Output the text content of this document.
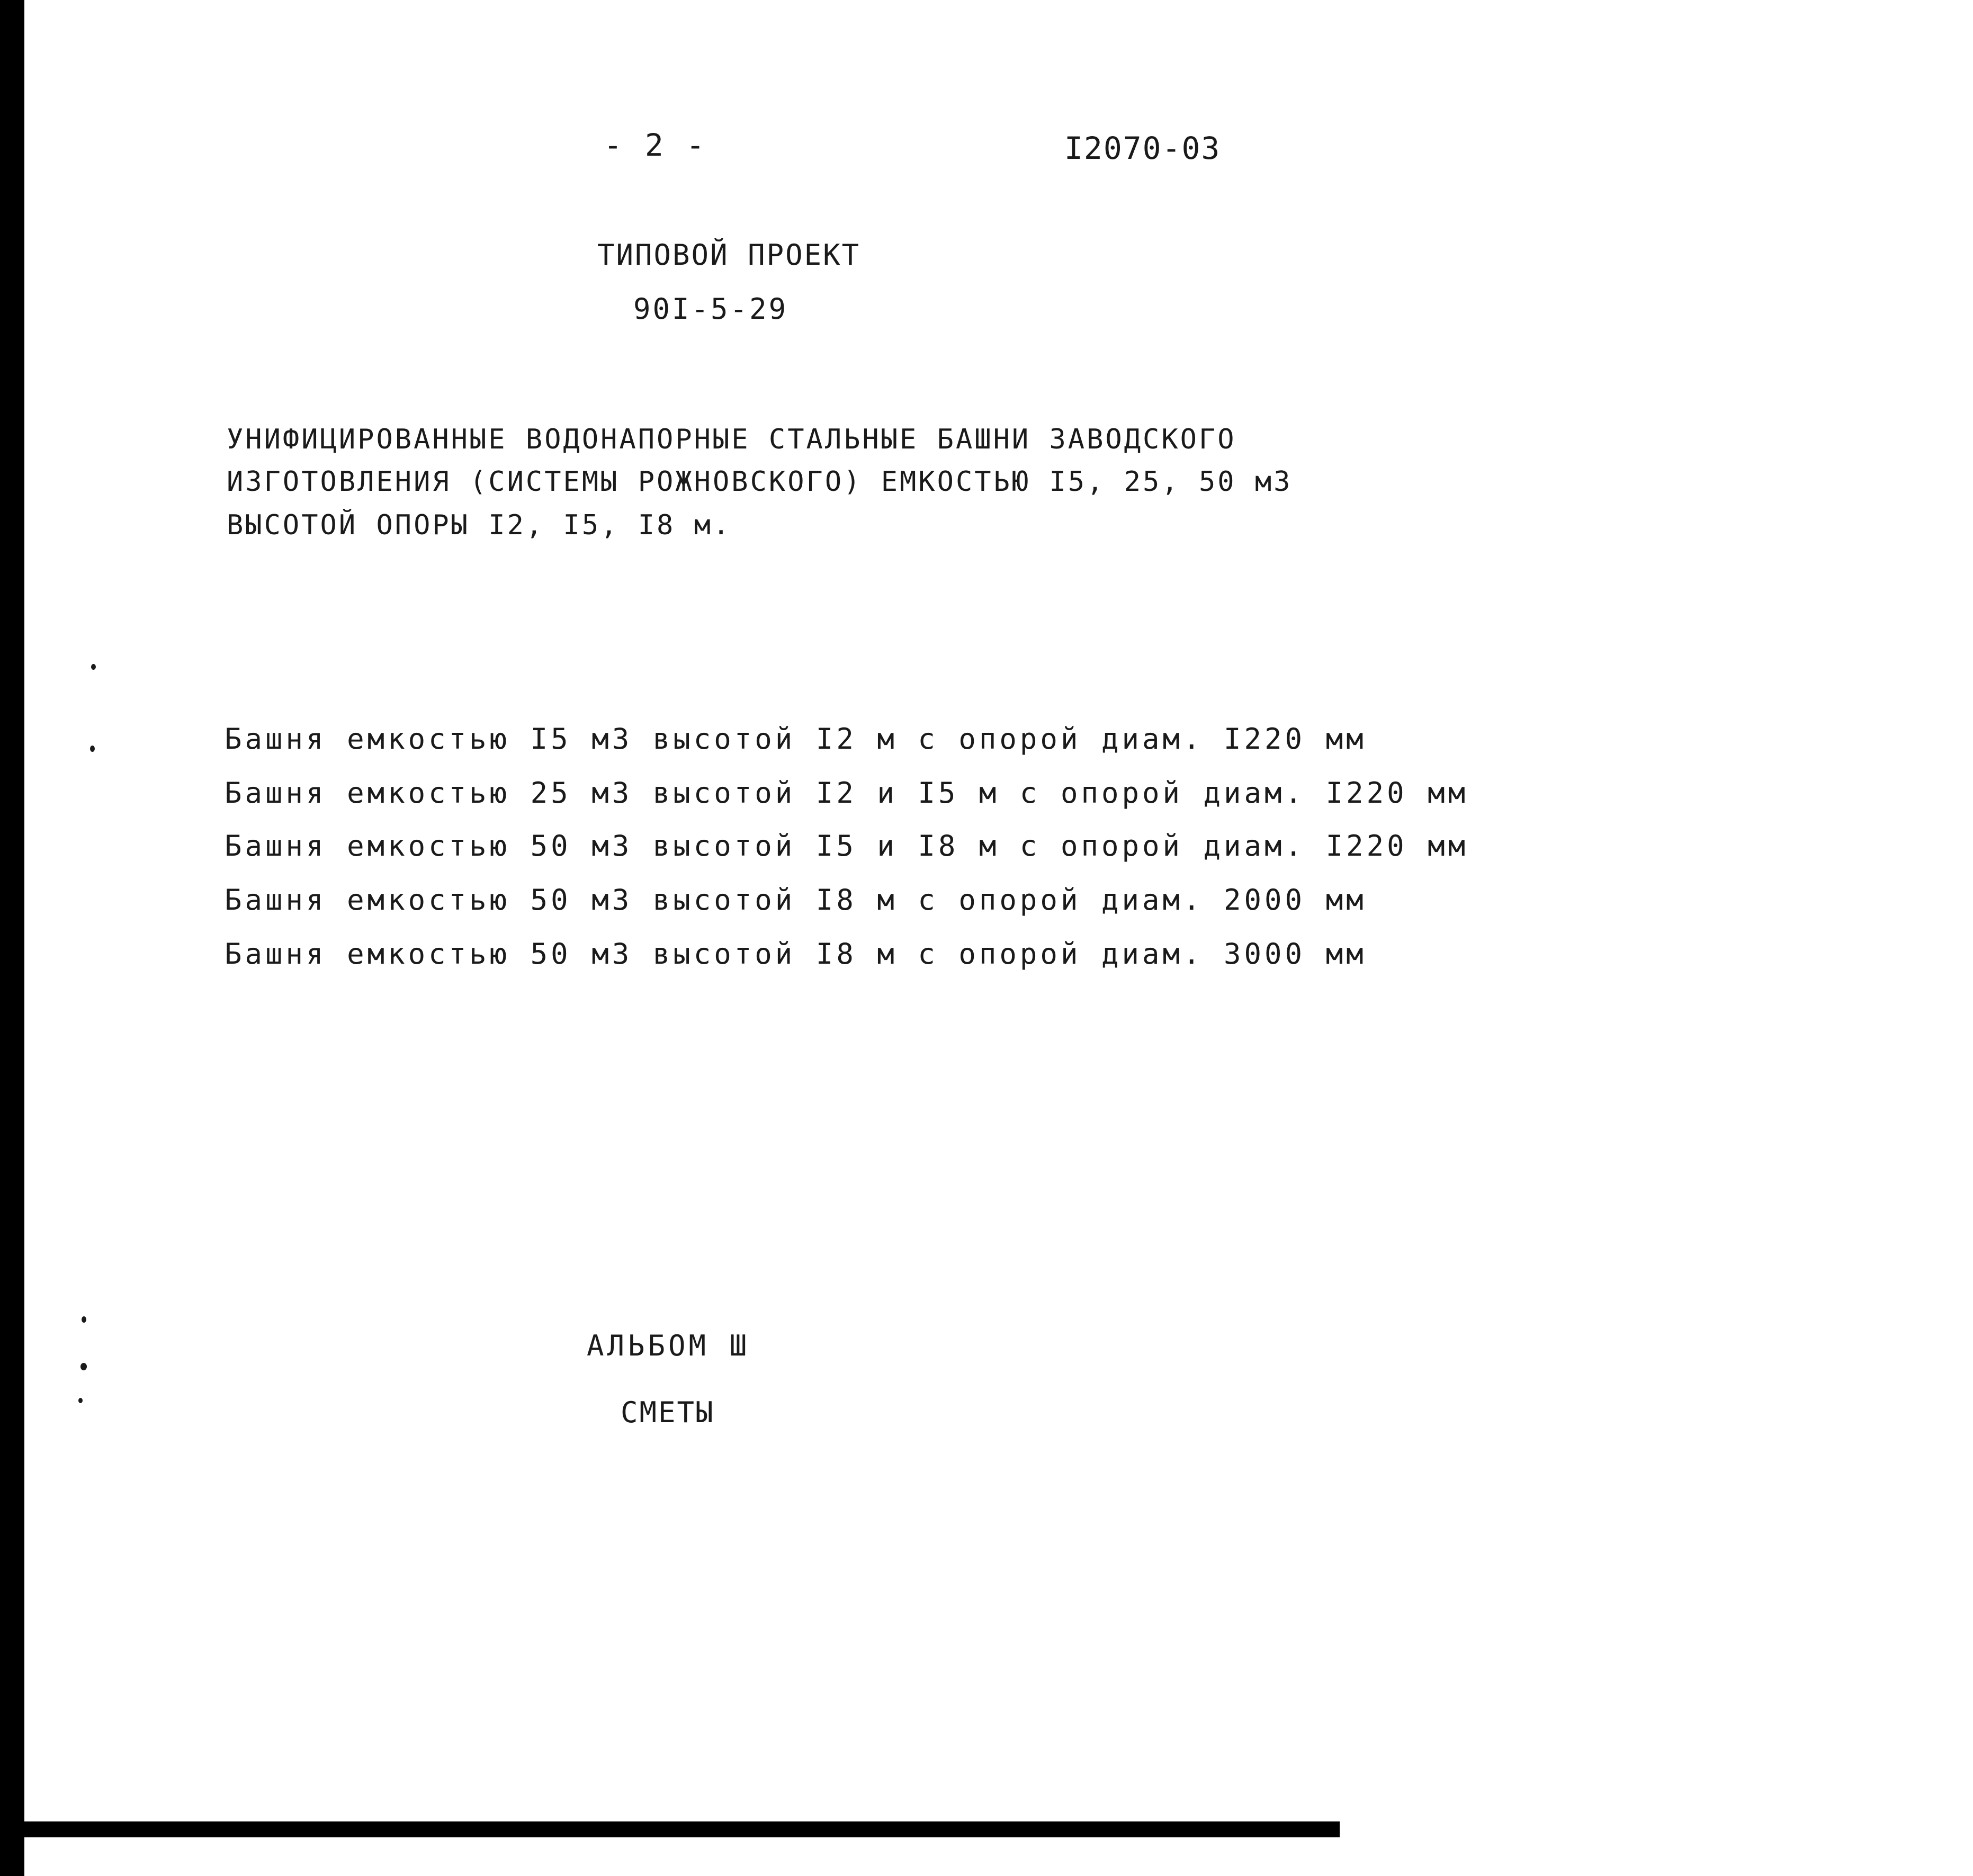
- 2 -	I2070-03
ТИПОВОЙ ПРОЕКТ
90I-5-29
УНИФИЦИРОВАННЫЕ ВОДОНАПОРНЫЕ СТАЛЬНЫЕ БАШНИ ЗАВОДСКОГО
ИЗГОТОВЛЕНИЯ (СИСТЕМЫ РОЖНОВСКОГО) ЕМКОСТЬЮ I5, 25, 50 м3
ВЫСОТОЙ ОПОРЫ I2, I5, I8 м.
Башня емкостью I5 м3 высотой I2 м с опорой диам. I220 мм
Башня емкостью 25 м3 высотой I2 и I5 м с опорой диам. I220 мм
Башня емкостью 50 м3 высотой I5 и I8 м с опорой диам. I220 мм
Башня емкостью 50 м3 высотой I8 м с опорой диам. 2000 мм
Башня емкостью 50 м3 высотой I8 м с опорой диам. 3000 мм
АЛЬБОМ Ш
СМЕТЫ
